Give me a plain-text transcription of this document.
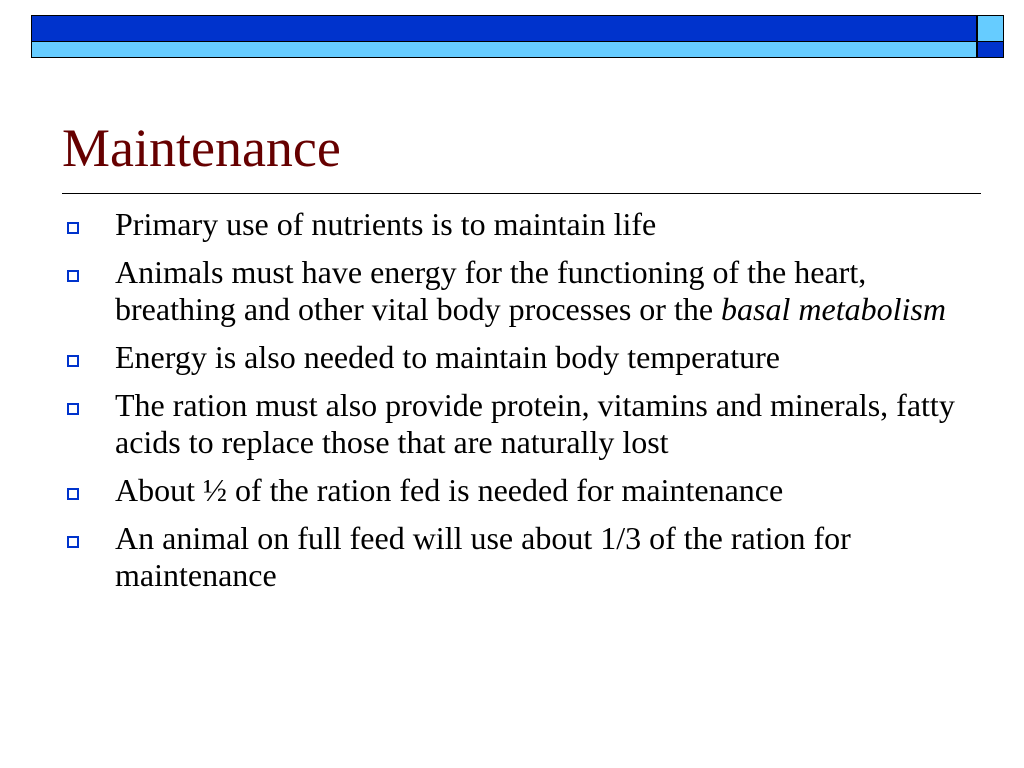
Maintenance
Primary use of nutrients is to maintain life
Animals must have energy for the functioning of the heart, breathing and other vital body processes or the basal metabolism
Energy is also needed to maintain body temperature
The ration must also provide protein, vitamins and minerals, fatty acids to replace those that are naturally lost
About ½ of the ration fed is needed for maintenance
An animal on full feed will use about 1/3 of the ration for maintenance
